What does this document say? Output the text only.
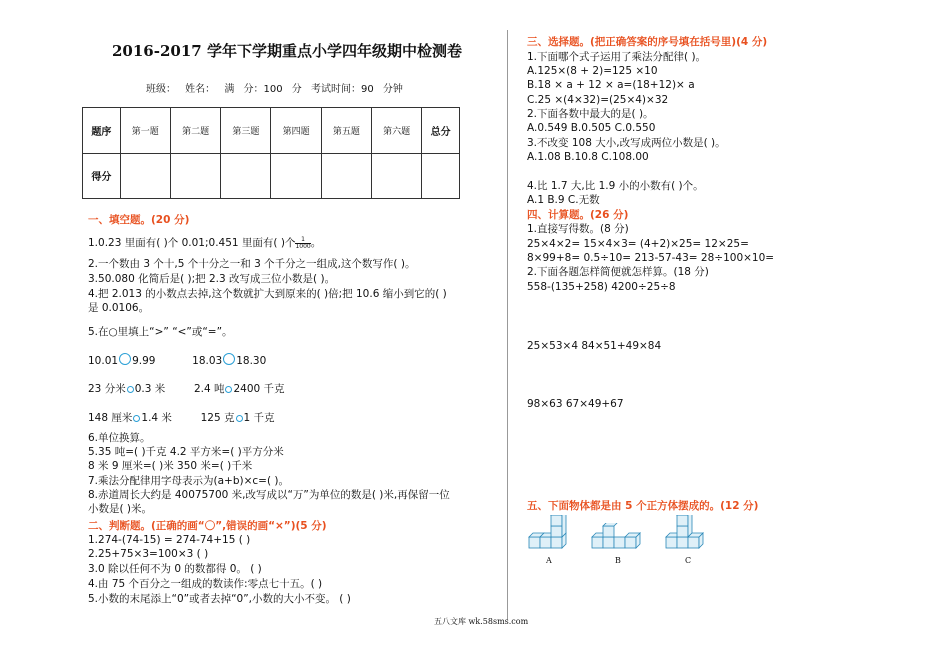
2016-2017 学年下学期重点小学四年级期中检测卷
班级： 姓名： 满 分：100 分 考试时间：90 分钟
题序	第一题	第二题	第三题	第四题	第五题	第六题	总分
得分							
一、填空题。(20 分)
1.0.23 里面有( )个 0.01;0.451 里面有( )个 $\frac{1}{1000}$ 。
2.一个数由 3 个十,5 个十分之一和 3 个千分之一组成,这个数写作( )。
3.50.080 化简后是( );把 2.3 改写成三位小数是( )。
4.把 2.013 的小数点去掉,这个数就扩大到原来的( )倍;把 10.6 缩小到它的( )
是 0.0106。
5.在○里填上“>” “<”或“=”。
10.01 9.99	18.03 18.30
23 分米 0.3 米	2.4 吨 2400 千克
148 厘米 1.4 米	125 克 1 千克
6.单位换算。
5.35 吨=( )千克 4.2 平方米=( )平方分米
8 米 9 厘米=( )米 350 米=( )千米
7.乘法分配律用字母表示为(a+b)×c=( )。
8.赤道周长大约是 40075700 米,改写成以“万”为单位的数是( )米,再保留一位
小数是( )米。
二、判断题。(正确的画“〇”,错误的画“×”)(5 分)
1.274-(74-15) = 274-74+15 ( )
2.25+75×3=100×3 ( )
3.0 除以任何不为 0 的数都得 0。 ( )
4.由 75 个百分之一组成的数读作:零点七十五。( )
5.小数的末尾添上“0”或者去掉“0”,小数的大小不变。 ( )
三、选择题。(把正确答案的序号填在括号里)(4 分)
1.下面哪个式子运用了乘法分配律( )。
A.125×(8 + 2)=125 ×10
B.18 × a + 12 × a=(18+12)× a
C.25 ×(4×32)=(25×4)×32
2.下面各数中最大的是( )。
A.0.549 B.0.505 C.0.550
3.不改变 108 大小,改写成两位小数是( )。
A.1.08 B.10.8 C.108.00
4.比 1.7 大,比 1.9 小的小数有( )个。
A.1 B.9 C.无数
四、计算题。(26 分)
1.直接写得数。(8 分)
25×4×2= 15×4×3= (4+2)×25= 12×25=
8×99+8= 0.5÷10= 213-57-43= 28÷100×10=
2.下面各题怎样简便就怎样算。(18 分)
558-(135+258) 4200÷25÷8
25×53×4 84×51+49×84
98×63 67×49+67
五、下面物体都是由 5 个正方体摆成的。(12 分)
A	B	C
五八文库 wk.58sms.com
